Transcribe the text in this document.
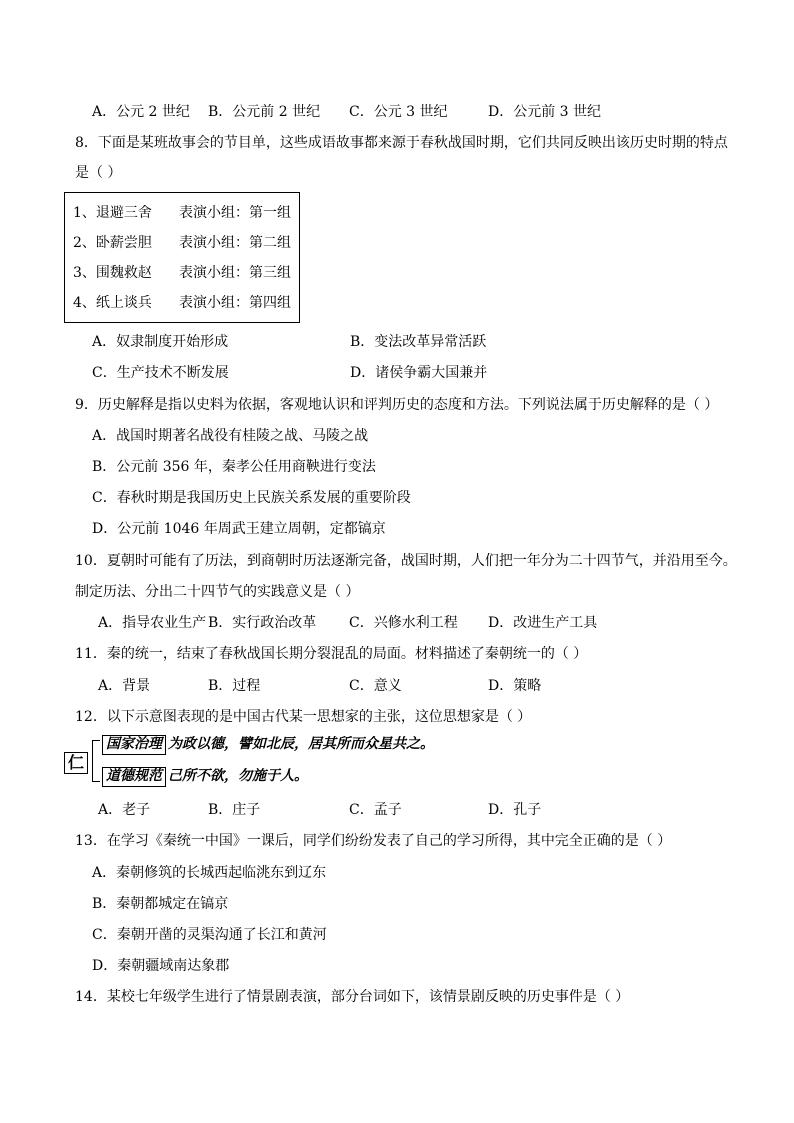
A．公元 2 世纪 B．公元前 2 世纪 C．公元 3 世纪	D．公元前 3 世纪
8．下面是某班故事会的节目单，这些成语故事都来源于春秋战国时期，它们共同反映出该历史时期的特点
是（ ）
1、退避三舍 表演小组：第一组
2、卧薪尝胆 表演小组：第二组
3、围魏救赵 表演小组：第三组
4、纸上谈兵 表演小组：第四组
A．奴隶制度开始形成	B．变法改革异常活跃
C．生产技术不断发展	D．诸侯争霸大国兼并
9．历史解释是指以史料为依据，客观地认识和评判历史的态度和方法。下列说法属于历史解释的是（ ）
A．战国时期著名战役有桂陵之战、马陵之战
B．公元前 356 年，秦孝公任用商鞅进行变法
C．春秋时期是我国历史上民族关系发展的重要阶段
D．公元前 1046 年周武王建立周朝，定都镐京
10．夏朝时可能有了历法，到商朝时历法逐渐完备，战国时期，人们把一年分为二十四节气，并沿用至今。
制定历法、分出二十四节气的实践意义是（ ）
A．指导农业生产 B．实行政治改革 C．兴修水利工程 D．改进生产工具
11．秦的统一，结束了春秋战国长期分裂混乱的局面。材料描述了秦朝统一的（ ）
A．背景	B．过程	C．意义	D．策略
12．以下示意图表现的是中国古代某一思想家的主张，这位思想家是（ ）
仁
国家治理 为政以德，譬如北辰，居其所而众星共之。
道德规范 己所不欲，勿施于人。
A．老子	B．庄子	C．孟子	D．孔子
13．在学习《秦统一中国》一课后，同学们纷纷发表了自己的学习所得，其中完全正确的是（ ）
A．秦朝修筑的长城西起临洮东到辽东
B．秦朝都城定在镐京
C．秦朝开凿的灵渠沟通了长江和黄河
D．秦朝疆域南达象郡
14．某校七年级学生进行了情景剧表演，部分台词如下，该情景剧反映的历史事件是（ ）
